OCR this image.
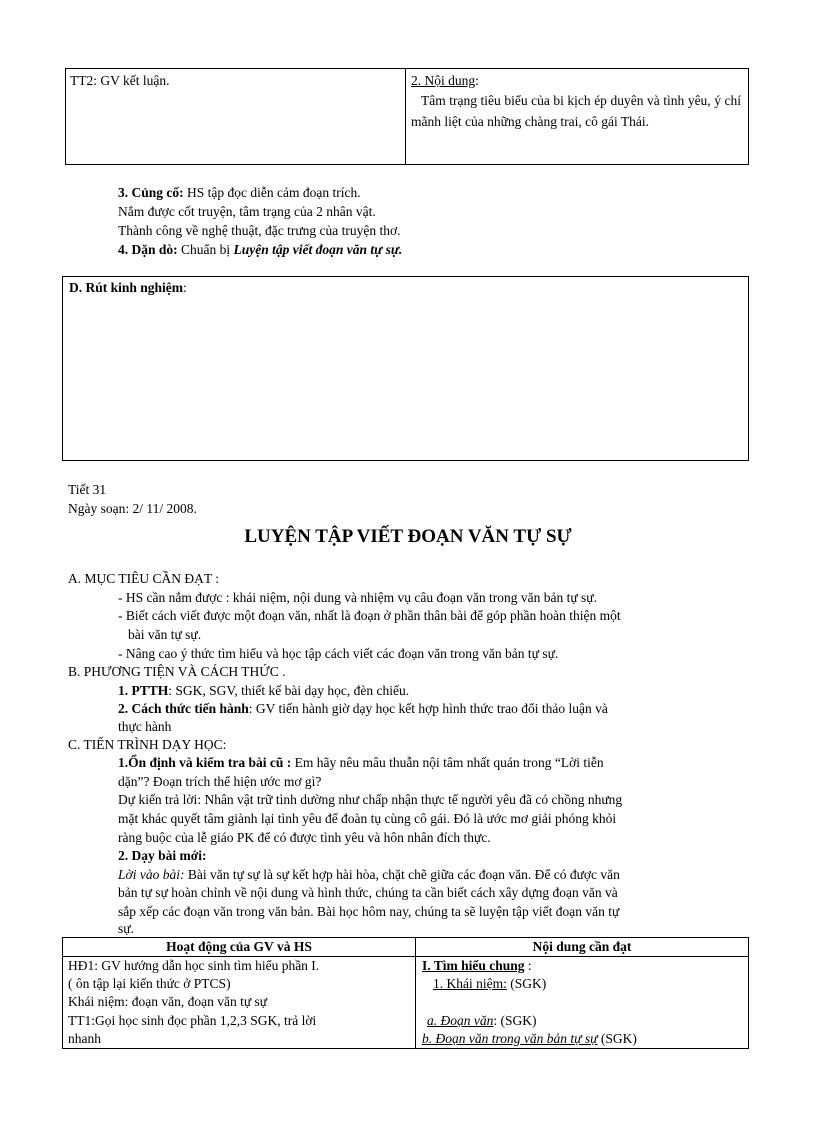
TT2: GV kết luận.	2. Nội dung:
Tâm trạng tiêu biểu của bi kịch ép duyên và tình yêu, ý chí mãnh liệt của những chàng trai, cô gái Thái.
3. Củng cố: HS tập đọc diễn cảm đoạn trích.
Nắm được cốt truyện, tâm trạng của 2 nhân vật.
Thành công về nghệ thuật, đặc trưng của truyện thơ.
4. Dặn dò: Chuẩn bị Luyện tập viết đoạn văn tự sự.
D. Rút kinh nghiệm:
Tiết 31
Ngày soạn: 2/ 11/ 2008.
LUYỆN TẬP VIẾT ĐOẠN VĂN TỰ SỰ
A. MỤC TIÊU CẦN ĐẠT :
- HS cần nắm được : khái niệm, nội dung và nhiệm vụ câu đoạn văn trong văn bản tự sự.
- Biết cách viết được một đoạn văn, nhất là đoạn ở phần thân bài để góp phần hoàn thiện một
bài văn tự sự.
- Nâng cao ý thức tìm hiểu và học tập cách viết các đoạn văn trong văn bản tự sự.
B. PHƯƠNG TIỆN VÀ CÁCH THỨC .
1. PTTH: SGK, SGV, thiết kế bài dạy học, đèn chiếu.
2. Cách thức tiến hành: GV tiến hành giờ dạy học kết hợp hình thức trao đổi thảo luận và
thực hành
C. TIẾN TRÌNH DẠY HỌC:
1.Ổn định và kiểm tra bài cũ : Em hãy nêu mâu thuẫn nội tâm nhất quán trong “Lời tiễn
dặn”? Đoạn trích thể hiện ước mơ gì?
Dự kiến trả lời: Nhân vật trữ tình dường như chấp nhận thực tế người yêu đã có chồng nhưng
mặt khác quyết tâm giành lại tình yêu để đoàn tụ cùng cô gái. Đó là ước mơ giải phóng khỏi
ràng buộc của lễ giáo PK để có được tình yêu và hôn nhân đích thực.
2. Dạy bài mới:
Lời vào bài: Bài văn tự sự là sự kết hợp hài hòa, chặt chẽ giữa các đoạn văn. Để có được văn
bản tự sự hoàn chỉnh về nội dung và hình thức, chúng ta cần biết cách xây dựng đoạn văn và
sắp xếp các đoạn văn trong văn bản. Bài học hôm nay, chúng ta sẽ luyện tập viết đoạn văn tự
sự.
Hoạt động của GV và HS	Nội dung cần đạt
HĐ1: GV hướng dẫn học sinh tìm hiểu phần I.
( ôn tập lại kiến thức ở PTCS)
Khái niệm: đoạn văn, đoạn văn tự sự
TT1:Gọi học sinh đọc phần 1,2,3 SGK, trả lời
nhanh
I. Tìm hiểu chung :
1. Khái niệm: (SGK)
a. Đoạn văn: (SGK)
b. Đoạn văn trong văn bản tự sự (SGK)
